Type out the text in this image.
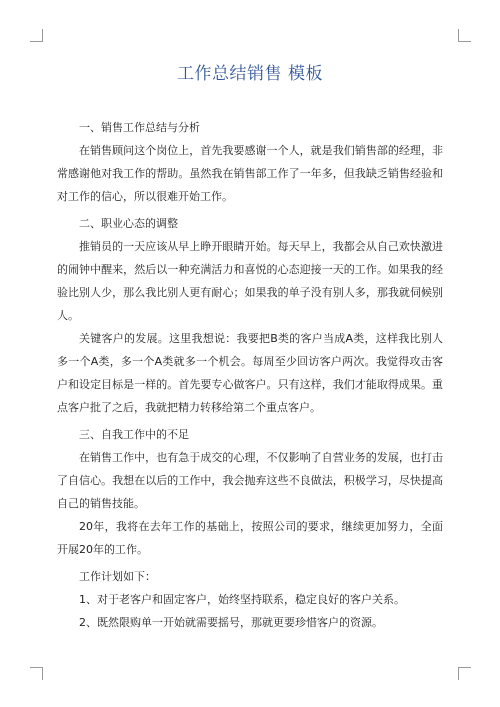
工作总结销售 模板

一、销售工作总结与分析

在销售顾问这个岗位上，首先我要感谢一个人，就是我们销售部的经理，非常感谢他对我工作的帮助。虽然我在销售部工作了一年多，但我缺乏销售经验和对工作的信心，所以很难开始工作。

二、职业心态的调整

推销员的一天应该从早上睁开眼睛开始。每天早上，我都会从自己欢快激进的闹钟中醒来，然后以一种充满活力和喜悦的心态迎接一天的工作。如果我的经验比别人少，那么我比别人更有耐心；如果我的单子没有别人多，那我就伺候别人。

关键客户的发展。这里我想说：我要把B类的客户当成A类，这样我比别人多一个A类，多一个A类就多一个机会。每周至少回访客户两次。我觉得攻击客户和设定目标是一样的。首先要专心做客户。只有这样，我们才能取得成果。重点客户批了之后，我就把精力转移给第二个重点客户。

三、自我工作中的不足

在销售工作中，也有急于成交的心理，不仅影响了自营业务的发展，也打击了自信心。我想在以后的工作中，我会抛弃这些不良做法，积极学习，尽快提高自己的销售技能。

20年，我将在去年工作的基础上，按照公司的要求，继续更加努力，全面开展20年的工作。

工作计划如下：

1、对于老客户和固定客户，始终坚持联系，稳定良好的客户关系。

2、既然限购单一开始就需要摇号，那就更要珍惜客户的资源。
